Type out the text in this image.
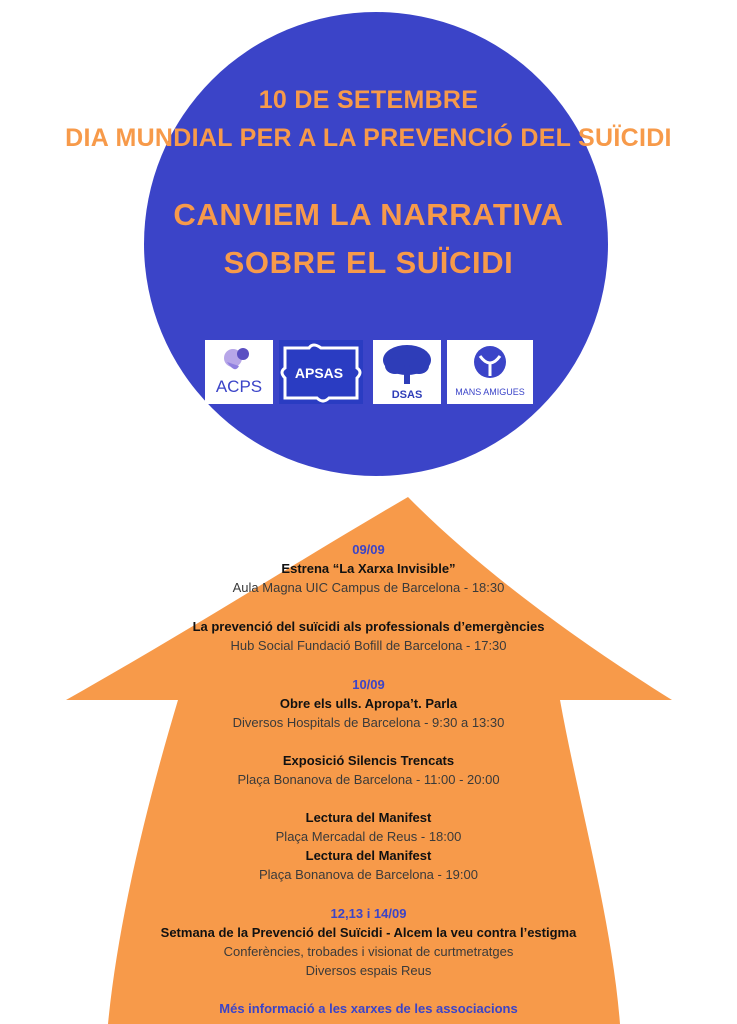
10 DE SETEMBRE
DIA MUNDIAL PER A LA PREVENCIÓ DEL SUÏCIDI
CANVIEM LA NARRATIVA
SOBRE EL SUÏCIDI
ACPS
APSAS
DSAS	MANS AMIGUES
09/09
Estrena “La Xarxa Invisible”
Aula Magna UIC Campus de Barcelona - 18:30
La prevenció del suïcidi als professionals d’emergències
Hub Social Fundació Bofill de Barcelona - 17:30
10/09
Obre els ulls. Apropa’t. Parla
Diversos Hospitals de Barcelona - 9:30 a 13:30
Exposició Silencis Trencats
Plaça Bonanova de Barcelona - 11:00 - 20:00
Lectura del Manifest
Plaça Mercadal de Reus - 18:00
Lectura del Manifest
Plaça Bonanova de Barcelona - 19:00
12,13 i 14/09
Setmana de la Prevenció del Suïcidi - Alcem la veu contra l’estigma
Conferències, trobades i visionat de curtmetratges
Diversos espais Reus
Més informació a les xarxes de les associacions
